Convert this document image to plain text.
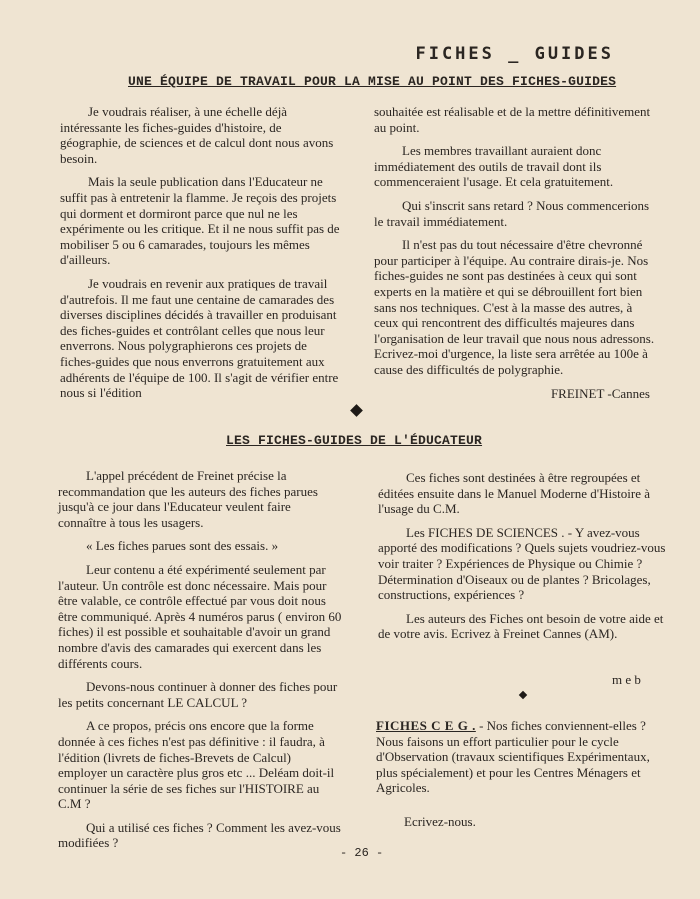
FICHES _ GUIDES
UNE ÉQUIPE DE TRAVAIL POUR LA MISE AU POINT DES FICHES-GUIDES

Je voudrais réaliser, à une échelle déjà intéressante les fiches-guides d'histoire, de géographie, de sciences et de calcul dont nous avons besoin.

Mais la seule publication dans l'Educateur ne suffit pas à entretenir la flamme. Je reçois des projets qui dorment et dormiront parce que nul ne les expérimente ou les critique. Et il ne nous suffit pas de mobiliser 5 ou 6 camarades, toujours les mêmes d'ailleurs.

Je voudrais en revenir aux pratiques de travail d'autrefois. Il me faut une centaine de camarades des diverses disciplines décidés à travailler en produisant des fiches-guides et contrôlant celles que nous leur enverrons. Nous polygraphierons ces projets de fiches-guides que nous enverrons gratuitement aux adhérents de l'équipe de 100. Il s'agit de vérifier entre nous si l'édition

souhaitée est réalisable et de la mettre définitivement au point.

Les membres travaillant auraient donc immédiatement des outils de travail dont ils commenceraient l'usage. Et cela gratuitement.

Qui s'inscrit sans retard ? Nous commencerions le travail immédiatement.

Il n'est pas du tout nécessaire d'être chevronné pour participer à l'équipe. Au contraire dirais-je. Nos fiches-guides ne sont pas destinées à ceux qui sont experts en la matière et qui se débrouillent fort bien sans nos techniques. C'est à la masse des autres, à ceux qui rencontrent des difficultés majeures dans l'organisation de leur travail que nous nous adressons. Ecrivez-moi d'urgence, la liste sera arrêtée au 100e à cause des difficultés de polygraphie.

FREINET -Cannes

LES FICHES-GUIDES DE L'ÉDUCATEUR

L'appel précédent de Freinet précise la recommandation que les auteurs des fiches parues jusqu'à ce jour dans l'Educateur veulent faire connaître à tous les usagers.

« Les fiches parues sont des essais. »

Leur contenu a été expérimenté seulement par l'auteur. Un contrôle est donc nécessaire. Mais pour être valable, ce contrôle effectué par vous doit nous être communiqué. Après 4 numéros parus ( environ 60 fiches) il est possible et souhaitable d'avoir un grand nombre d'avis des camarades qui exercent dans les différents cours.

Devons-nous continuer à donner des fiches pour les petits concernant LE CALCUL ?

A ce propos, précis ons encore que la forme donnée à ces fiches n'est pas définitive : il faudra, à l'édition (livrets de fiches-Brevets de Calcul) employer un caractère plus gros etc ... Deléam doit-il continuer la série de ses fiches sur l'HISTOIRE au C.M ?

Qui a utilisé ces fiches ? Comment les avez-vous modifiées ?

Ces fiches sont destinées à être regroupées et éditées ensuite dans le Manuel Moderne d'Histoire à l'usage du C.M.

Les FICHES DE SCIENCES . - Y avez-vous apporté des modifications ? Quels sujets voudriez-vous voir traiter ? Expériences de Physique ou Chimie ? Détermination d'Oiseaux ou de plantes ? Bricolages, constructions, expériences ?

Les auteurs des Fiches ont besoin de votre aide et de votre avis. Ecrivez à Freinet Cannes (AM).

m e b

FICHES C E G . - Nos fiches conviennent-elles ? Nous faisons un effort particulier pour le cycle d'Observation (travaux scientifiques Expérimentaux, plus spécialement) et pour les Centres Ménagers et Agricoles.

Ecrivez-nous.

- 26 -
